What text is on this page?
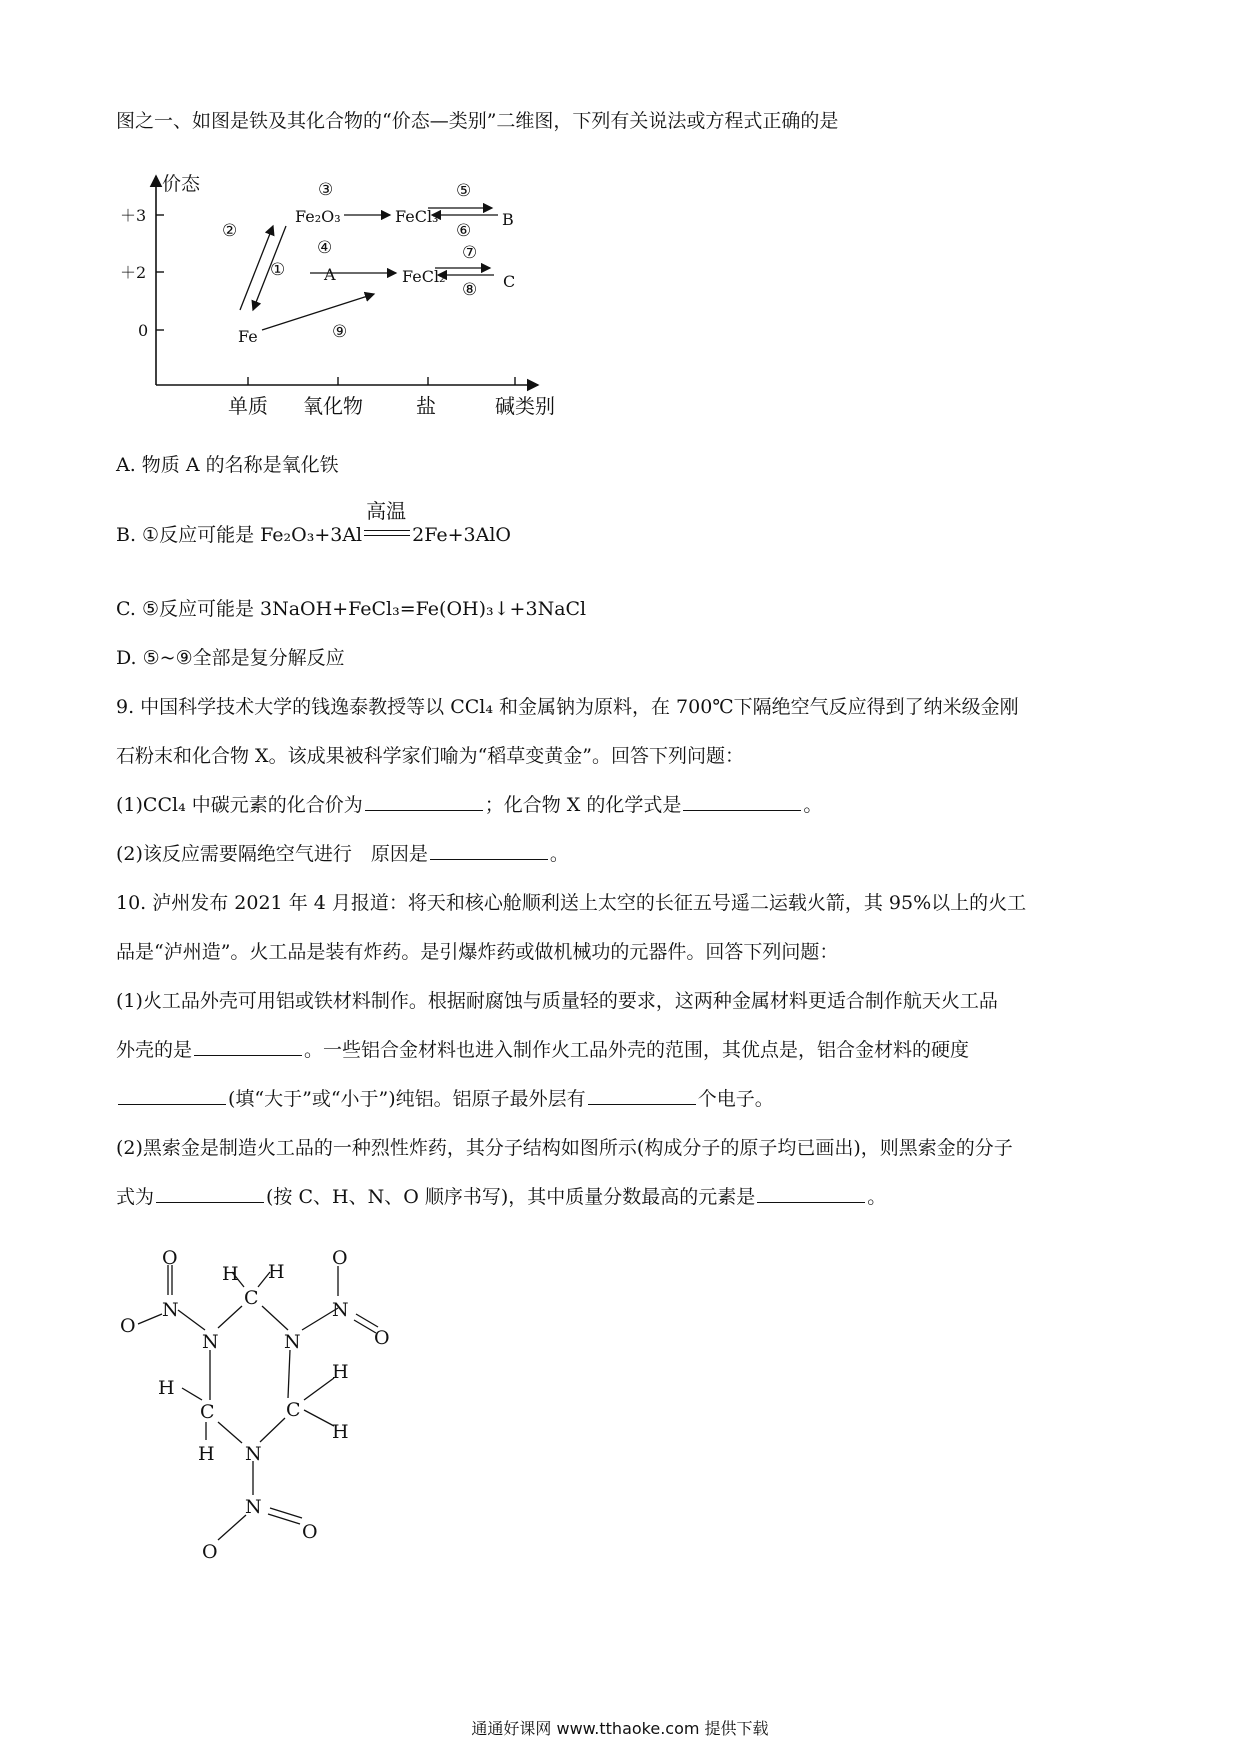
图之一、如图是铁及其化合物的“价态—类别”二维图，下列有关说法或方程式正确的是
价态
＋3
＋2
0
单质 氧化物	盐	碱类别
Fe
Fe₂O₃	FeCl₃	B
A	FeCl₂	C
①
②
③
④
⑤
⑥
⑦
⑧
⑨
A. 物质 A 的名称是氧化铁
B. ①反应可能是 Fe₂O₃+3Al
高温
2Fe+3AlO
C. ⑤反应可能是 3NaOH+FeCl₃=Fe(OH)₃↓+3NaCl
D. ⑤~⑨全部是复分解反应
9. 中国科学技术大学的钱逸泰教授等以 CCl₄ 和金属钠为原料，在 700℃下隔绝空气反应得到了纳米级金刚
石粉末和化合物 X。该成果被科学家们喻为“稻草变黄金”。回答下列问题：
(1)CCl₄ 中碳元素的化合价为	；化合物 X 的化学式是	。
(2)该反应需要隔绝空气进行　原因是	。
10. 泸州发布 2021 年 4 月报道：将天和核心舱顺利送上太空的长征五号遥二运载火箭，其 95%以上的火工
品是“泸州造”。火工品是装有炸药。是引爆炸药或做机械功的元器件。回答下列问题：
(1)火工品外壳可用铝或铁材料制作。根据耐腐蚀与质量轻的要求，这两种金属材料更适合制作航天火工品
外壳的是	。一些铝合金材料也进入制作火工品外壳的范围，其优点是，铝合金材料的硬度
(填“大于”或“小于”)纯铝。铝原子最外层有	个电子。
(2)黑索金是制造火工品的一种烈性炸药，其分子结构如图所示(构成分子的原子均已画出)，则黑索金的分子
式为	(按 C、H、N、O 顺序书写)，其中质量分数最高的元素是	。
C
H H
N	N
N
O
O
N
O
O
C
H
H
C
H
H
N
N
O
O
通通好课网 www.tthaoke.com 提供下载
